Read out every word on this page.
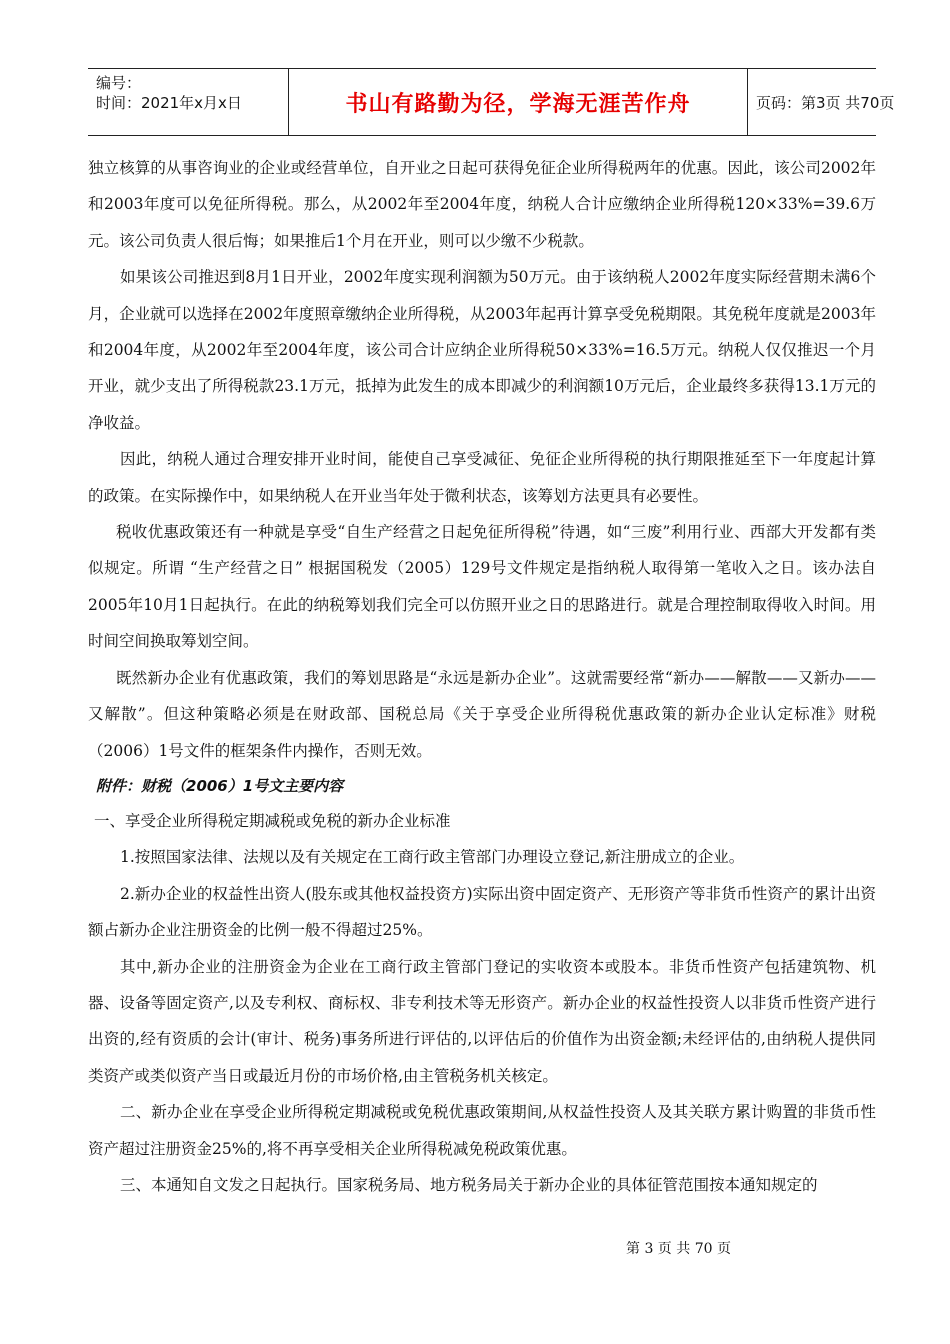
编号：
时间：2021年x月x日	书山有路勤为径，学海无涯苦作舟	页码：第3页 共70页

独立核算的从事咨询业的企业或经营单位，自开业之日起可获得免征企业所得税两年的优惠。因此，该公司2002年和2003年度可以免征所得税。那么，从2002年至2004年度，纳税人合计应缴纳企业所得税120×33%=39.6万元。该公司负责人很后悔；如果推后1个月在开业，则可以少缴不少税款。

如果该公司推迟到8月1日开业，2002年度实现利润额为50万元。由于该纳税人2002年度实际经营期未满6个月，企业就可以选择在2002年度照章缴纳企业所得税，从2003年起再计算享受免税期限。其免税年度就是2003年和2004年度，从2002年至2004年度，该公司合计应纳企业所得税50×33%=16.5万元。纳税人仅仅推迟一个月开业，就少支出了所得税款23.1万元，抵掉为此发生的成本即减少的利润额10万元后，企业最终多获得13.1万元的净收益。

因此，纳税人通过合理安排开业时间，能使自己享受减征、免征企业所得税的执行期限推延至下一年度起计算的政策。在实际操作中，如果纳税人在开业当年处于微利状态，该筹划方法更具有必要性。

税收优惠政策还有一种就是享受“自生产经营之日起免征所得税”待遇，如“三废”利用行业、西部大开发都有类似规定。所谓 “生产经营之日” 根据国税发（2005）129号文件规定是指纳税人取得第一笔收入之日。该办法自2005年10月1日起执行。在此的纳税筹划我们完全可以仿照开业之日的思路进行。就是合理控制取得收入时间。用时间空间换取筹划空间。

既然新办企业有优惠政策，我们的筹划思路是“永远是新办企业”。这就需要经常“新办——解散——又新办——又解散”。但这种策略必须是在财政部、国税总局《关于享受企业所得税优惠政策的新办企业认定标准》财税（2006）1号文件的框架条件内操作，否则无效。

附件：财税（2006）1号文主要内容

一、享受企业所得税定期减税或免税的新办企业标准

1.按照国家法律、法规以及有关规定在工商行政主管部门办理设立登记,新注册成立的企业。

2.新办企业的权益性出资人(股东或其他权益投资方)实际出资中固定资产、无形资产等非货币性资产的累计出资额占新办企业注册资金的比例一般不得超过25%。

其中,新办企业的注册资金为企业在工商行政主管部门登记的实收资本或股本。非货币性资产包括建筑物、机器、设备等固定资产,以及专利权、商标权、非专利技术等无形资产。新办企业的权益性投资人以非货币性资产进行出资的,经有资质的会计(审计、税务)事务所进行评估的,以评估后的价值作为出资金额;未经评估的,由纳税人提供同类资产或类似资产当日或最近月份的市场价格,由主管税务机关核定。

二、新办企业在享受企业所得税定期减税或免税优惠政策期间,从权益性投资人及其关联方累计购置的非货币性资产超过注册资金25%的,将不再享受相关企业所得税减免税政策优惠。

三、本通知自文发之日起执行。国家税务局、地方税务局关于新办企业的具体征管范围按本通知规定的

第 3 页 共 70 页
